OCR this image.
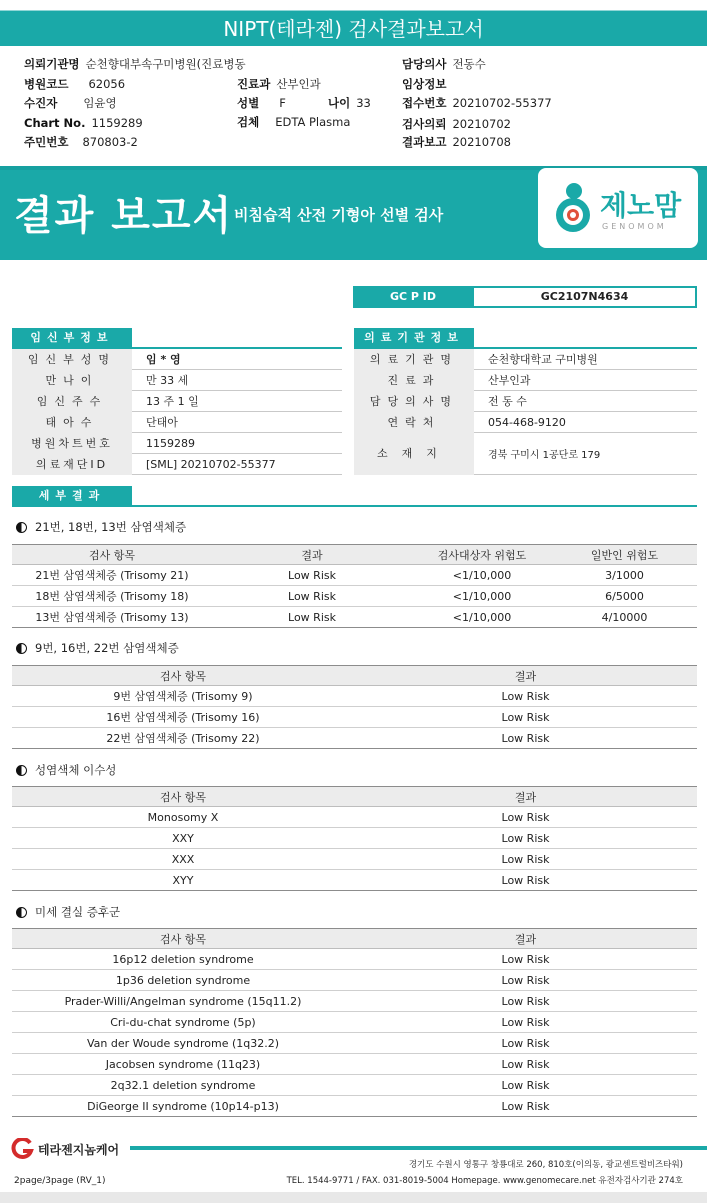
NIPT(테라젠) 검사결과보고서
의뢰기관명 순천향대부속구미병원(진료병동	담당의사 전동수
병원코드 62056	진료과 산부인과	임상정보
수진자 임윤영	성별 F	나이 33	접수번호 20210702-55377
Chart No. 1159289	검체 EDTA Plasma	검사의뢰 20210702
주민번호 870803-2	결과보고 20210708
결과 보고서 비침습적 산전 기형아 선별 검사	제노맘
GENOMOM
GC P ID	GC2107N4634
임신부정보
임신부성명	임 * 영
만나이	만 33 세
임신주수	13 주 1 일
태아수	단태아
병원차트번호	1159289
의료재단ID	[SML] 20210702-55377
의료기관정보
의료기관명	순천향대학교 구미병원
진료과	산부인과
담당의사명	전 동 수
연락처	054-468-9120
소재지	경북 구미시 1공단로 179
세부결과
21번, 18번, 13번 삼염색체증
검사 항목	결과	검사대상자 위험도	일반인 위험도
21번 삼염색체증 (Trisomy 21)	Low Risk	<1/10,000	3/1000
18번 삼염색체증 (Trisomy 18)	Low Risk	<1/10,000	6/5000
13번 삼염색체증 (Trisomy 13)	Low Risk	<1/10,000	4/10000
9번, 16번, 22번 삼염색체증
검사 항목	결과
9번 삼염색체증 (Trisomy 9)	Low Risk
16번 삼염색체증 (Trisomy 16)	Low Risk
22번 삼염색체증 (Trisomy 22)	Low Risk
성염색체 이수성
검사 항목	결과
Monosomy X	Low Risk
XXY	Low Risk
XXX	Low Risk
XYY	Low Risk
미세 결실 증후군
검사 항목	결과
16p12 deletion syndrome	Low Risk
1p36 deletion syndrome	Low Risk
Prader-Willi/Angelman syndrome (15q11.2)	Low Risk
Cri-du-chat syndrome (5p)	Low Risk
Van der Woude syndrome (1q32.2)	Low Risk
Jacobsen syndrome (11q23)	Low Risk
2q32.1 deletion syndrome	Low Risk
DiGeorge II syndrome (10p14-p13)	Low Risk
테라젠지놈케어
2page/3page (RV_1)
경기도 수원시 영통구 창룡대로 260, 810호(이의동, 광교센트럴비즈타워)
TEL. 1544-9771 / FAX. 031-8019-5004 Homepage. www.genomecare.net 유전자검사기관 274호
